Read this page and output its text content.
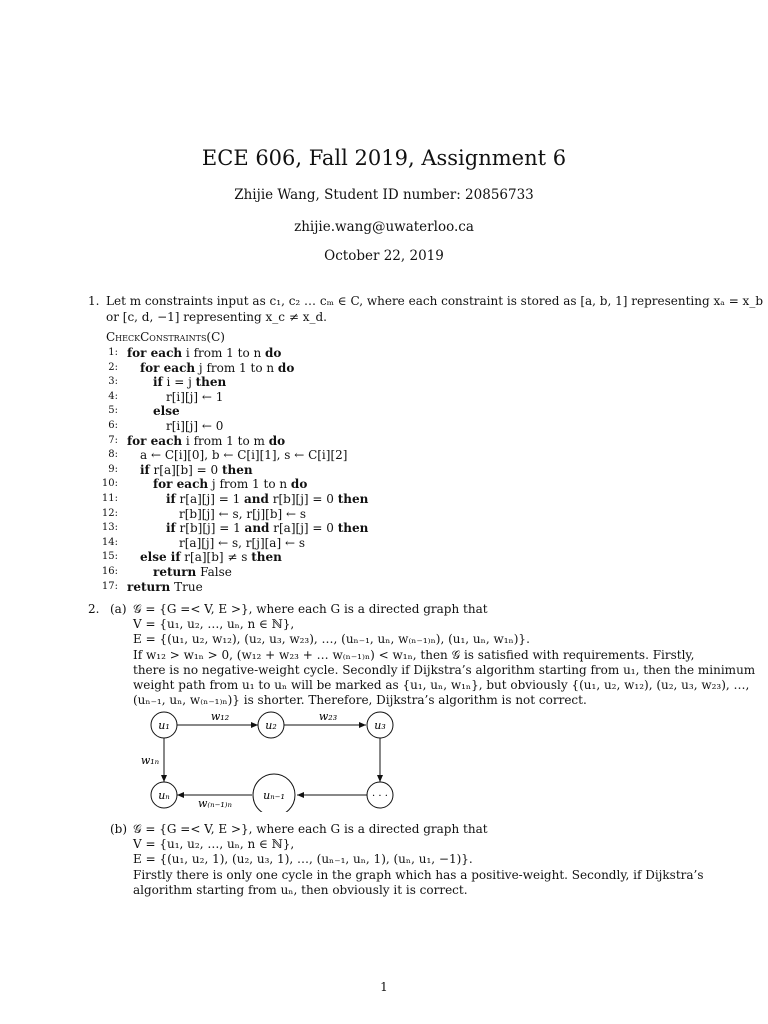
ECE 606, Fall 2019, Assignment 6
Zhijie Wang, Student ID number: 20856733
zhijie.wang@uwaterloo.ca
October 22, 2019
1. Let m constraints input as c₁, c₂ … cₘ ∈ C, where each constraint is stored as [a, b, 1] representing xₐ = x_b
or [c, d, −1] representing x_c ≠ x_d.
CheckConstraints(C)
1: for each i from 1 to n do
2: for each j from 1 to n do
3:	if i = j then
4:	r[i][j] ← 1
5:	else
6:	r[i][j] ← 0
7: for each i from 1 to m do
8: a ← C[i][0], b ← C[i][1], s ← C[i][2]
9: if r[a][b] = 0 then
10:	for each j from 1 to n do
11:	if r[a][j] = 1 and r[b][j] = 0 then
12:	r[b][j] ← s, r[j][b] ← s
13:	if r[b][j] = 1 and r[a][j] = 0 then
14:	r[a][j] ← s, r[j][a] ← s
15: else if r[a][b] ≠ s then
16:	return False
17: return True
2. (a) 𝒢 = {G =< V, E >}, where each G is a directed graph that
V = {u₁, u₂, …, uₙ, n ∈ ℕ},
E = {(u₁, u₂, w₁₂), (u₂, u₃, w₂₃), …, (uₙ₋₁, uₙ, w₍ₙ₋₁₎ₙ), (u₁, uₙ, w₁ₙ)}.
If w₁₂ > w₁ₙ > 0, (w₁₂ + w₂₃ + … w₍ₙ₋₁₎ₙ) < w₁ₙ, then 𝒢 is satisfied with requirements. Firstly,
there is no negative-weight cycle. Secondly if Dijkstra’s algorithm starting from u₁, then the minimum
weight path from u₁ to uₙ will be marked as {u₁, uₙ, w₁ₙ}, but obviously {(u₁, u₂, w₁₂), (u₂, u₃, w₂₃), …,
(uₙ₋₁, uₙ, w₍ₙ₋₁₎ₙ)} is shorter. Therefore, Dijkstra’s algorithm is not correct.
u₁	u₂	u₃
uₙ	uₙ₋₁	· · ·
w₁₂	w₂₃
w₁ₙ
w₍ₙ₋₁₎ₙ
(b) 𝒢 = {G =< V, E >}, where each G is a directed graph that
V = {u₁, u₂, …, uₙ, n ∈ ℕ},
E = {(u₁, u₂, 1), (u₂, u₃, 1), …, (uₙ₋₁, uₙ, 1), (uₙ, u₁, −1)}.
Firstly there is only one cycle in the graph which has a positive-weight. Secondly, if Dijkstra’s
algorithm starting from uₙ, then obviously it is correct.
1
